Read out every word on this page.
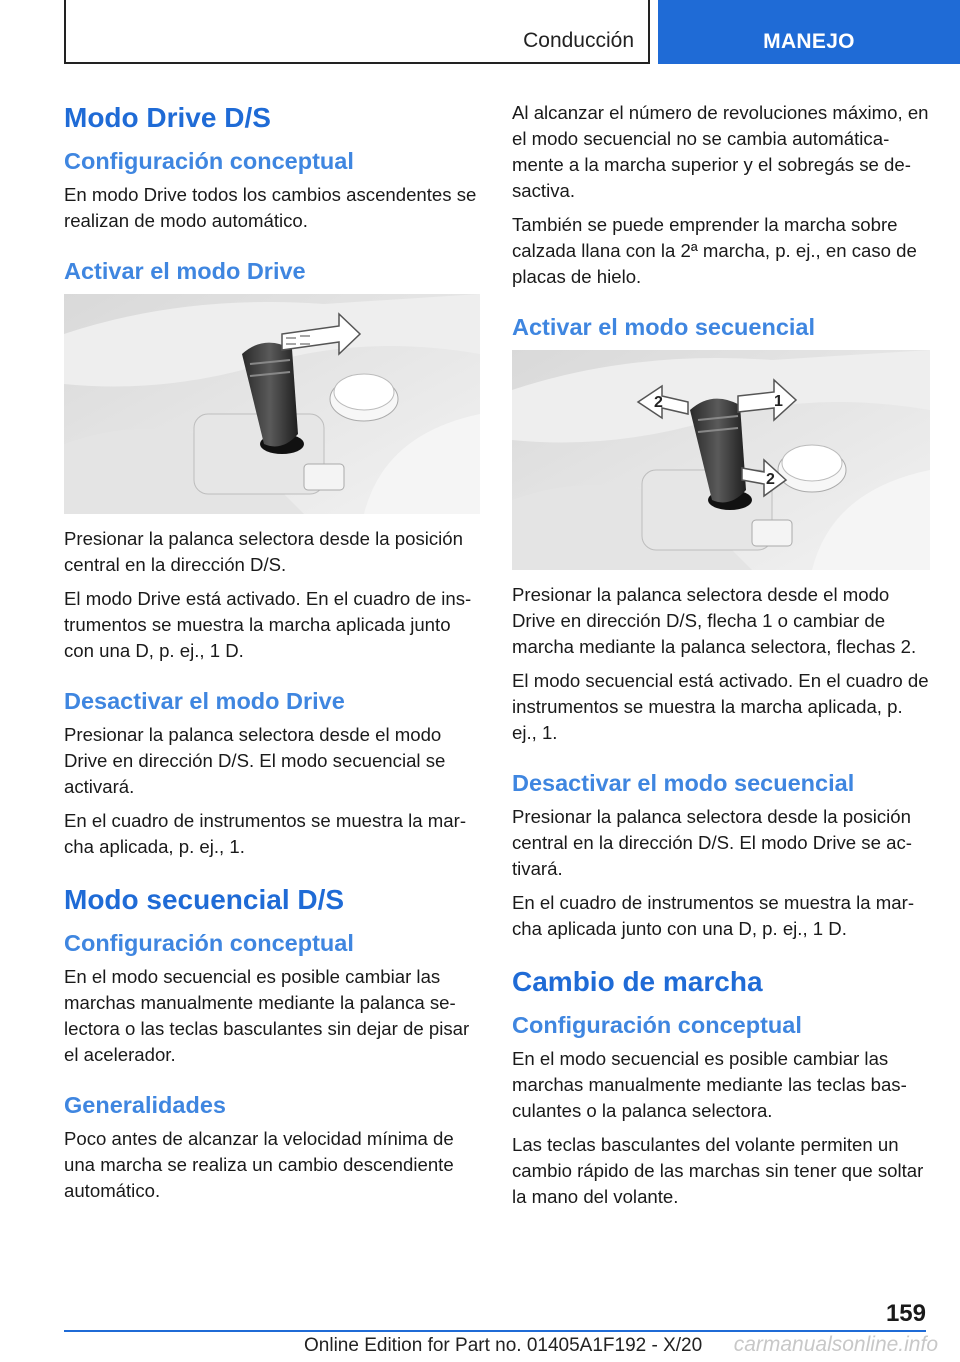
Conducción	MANEJO
Modo Drive D/S
Configuración conceptual

En modo Drive todos los cambios ascendentes se realizan de modo automático.

Activar el modo Drive

Presionar la palanca selectora desde la posición central en la dirección D/S.

El modo Drive está activado. En el cuadro de instrumentos se muestra la marcha aplicada junto con una D, p. ej., 1 D.

Desactivar el modo Drive

Presionar la palanca selectora desde el modo Drive en dirección D/S. El modo secuencial se activará.

En el cuadro de instrumentos se muestra la marcha aplicada, p. ej., 1.

Modo secuencial D/S
Configuración conceptual

En el modo secuencial es posible cambiar las marchas manualmente mediante la palanca selectora o las teclas basculantes sin dejar de pisar el acelerador.

Generalidades

Poco antes de alcanzar la velocidad mínima de una marcha se realiza un cambio descendiente automático.

Al alcanzar el número de revoluciones máximo, en el modo secuencial no se cambia automáticamente a la marcha superior y el sobregás se desactiva.

También se puede emprender la marcha sobre calzada llana con la 2ª marcha, p. ej., en caso de placas de hielo.

Activar el modo secuencial
1
2
2

Presionar la palanca selectora desde el modo Drive en dirección D/S, flecha 1 o cambiar de marcha mediante la palanca selectora, flechas 2.

El modo secuencial está activado. En el cuadro de instrumentos se muestra la marcha aplicada, p. ej., 1.

Desactivar el modo secuencial

Presionar la palanca selectora desde la posición central en la dirección D/S. El modo Drive se activará.

En el cuadro de instrumentos se muestra la marcha aplicada junto con una D, p. ej., 1 D.

Cambio de marcha
Configuración conceptual

En el modo secuencial es posible cambiar las marchas manualmente mediante las teclas basculantes o la palanca selectora.

Las teclas basculantes del volante permiten un cambio rápido de las marchas sin tener que soltar la mano del volante.

159
Online Edition for Part no. 01405A1F192 - X/20 carmanualsonline.info
